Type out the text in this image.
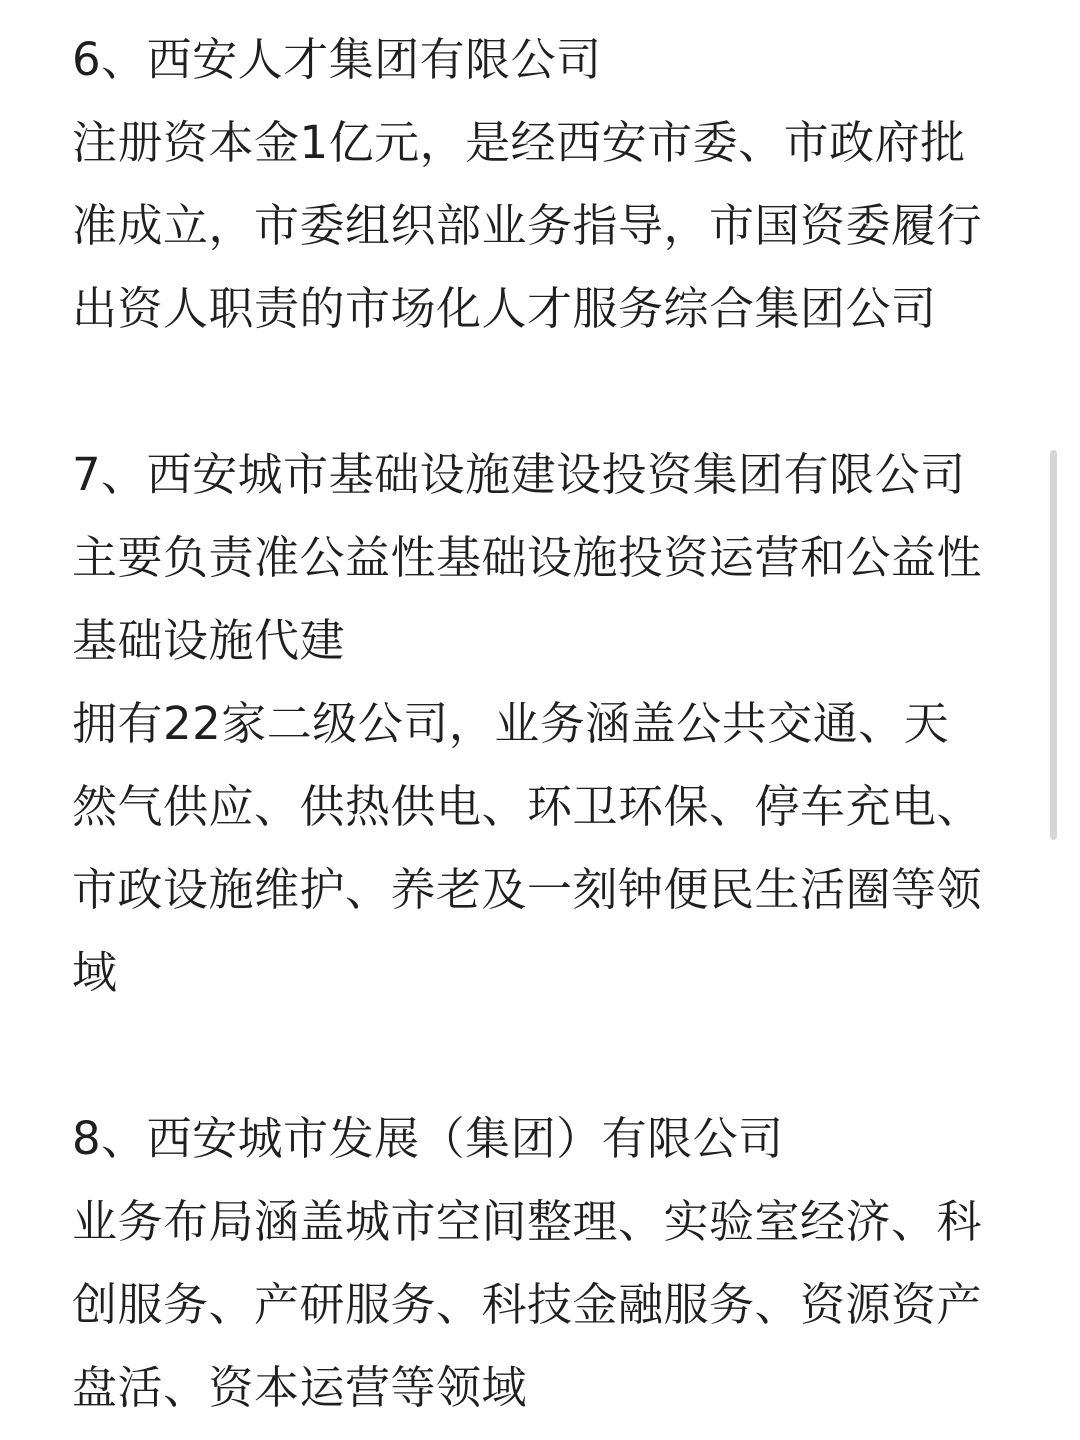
6、西安人才集团有限公司
注册资本金1亿元，是经西安市委、市政府批
准成立，市委组织部业务指导，市国资委履行
出资人职责的市场化人才服务综合集团公司
7、西安城市基础设施建设投资集团有限公司
主要负责准公益性基础设施投资运营和公益性
基础设施代建
拥有22家二级公司，业务涵盖公共交通、天
然气供应、供热供电、环卫环保、停车充电、
市政设施维护、养老及一刻钟便民生活圈等领
域
8、西安城市发展（集团）有限公司
业务布局涵盖城市空间整理、实验室经济、科
创服务、产研服务、科技金融服务、资源资产
盘活、资本运营等领域
